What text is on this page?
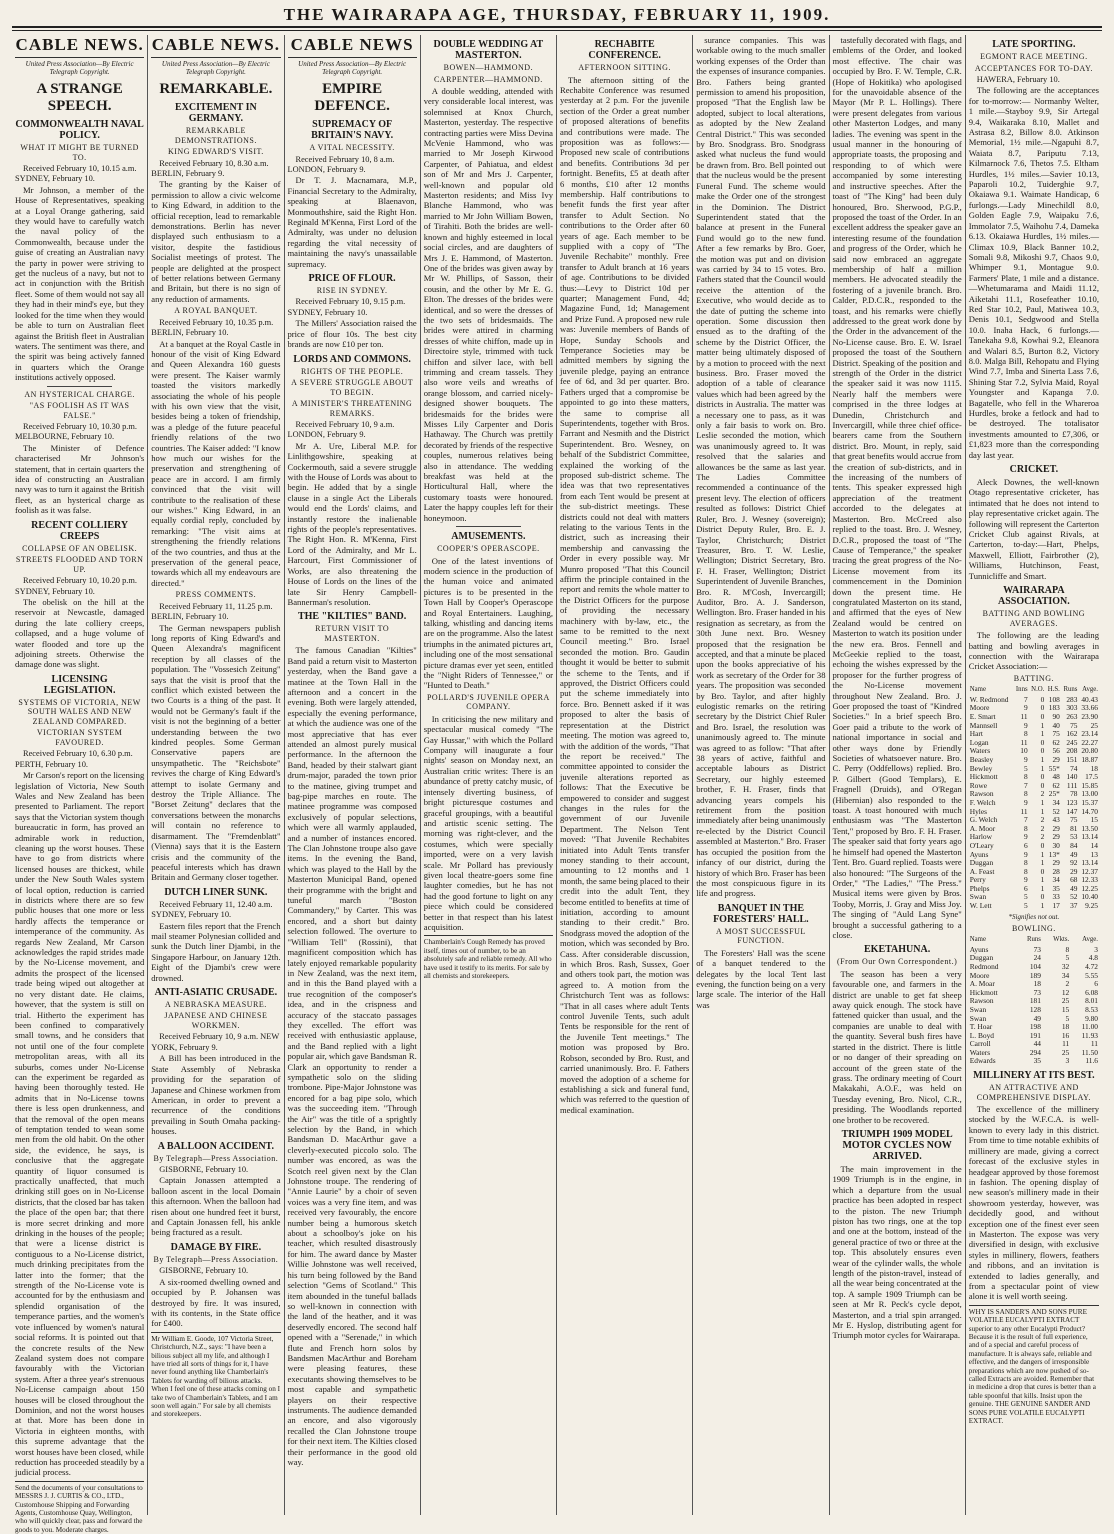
THE WAIRARAPA AGE, THURSDAY, FEBRUARY 11, 1909.
CABLE NEWS.
United Press Association—By Electric Telegraph Copyright.
A STRANGE SPEECH.
COMMONWEALTH NAVAL POLICY.
WHAT IT MIGHT BE TURNED TO.
Received February 10, 10.15 a.m. SYDNEY, February 10.

Mr Johnson, a member of the House of Representatives, speaking at a Loyal Orange gathering, said they would have to carefully watch the naval policy of the Commonwealth, because under the guise of creating an Australian navy the party in power were striving to get the nucleus of a navy, but not to act in conjunction with the British fleet. Some of them would not say all they had in their mind's eye, but they looked for the time when they would be able to turn on Australian fleet against the British fleet in Australian waters. The sentiment was there, and the spirit was being actively fanned in quarters which the Orange institutions actively opposed.

AN HYSTERICAL CHARGE.
"AS FOOLISH AS IT WAS FALSE."
Received February 10, 10.30 p.m. MELBOURNE, February 10.

The Minister of Defence characterised Mr Johnson's statement, that in certain quarters the idea of constructing an Australian navy was to turn it against the British fleet, as an hysterical charge as foolish as it was false.

RECENT COLLIERY CREEPS
COLLAPSE OF AN OBELISK.
STREETS FLOODED AND TORN UP.
Received February 10, 10.20 p.m. SYDNEY, February 10.

The obelisk on the hill at the reservoir at Newcastle, damaged during the late colliery creeps, collapsed, and a huge volume of water flooded and tore up the adjoining streets. Otherwise the damage done was slight.

LICENSING LEGISLATION.
SYSTEMS OF VICTORIA, NEW SOUTH WALES AND NEW ZEALAND COMPARED.
VICTORIAN SYSTEM FAVOURED.
Received February 10, 6.30 p.m. PERTH, February 10.

Mr Carson's report on the licensing legislation of Victoria, New South Wales and New Zealand has been presented to Parliament. The report says that the Victorian system though bureaucratic in form, has proved an admirable work in reduction, cleaning up the worst houses. These have to go from districts where licensed houses are thickest, while under the New South Wales system of local option, reduction is carried in districts where there are so few public houses that one more or less hardly affects the temperance or intemperance of the community. As regards New Zealand, Mr Carson acknowledges the rapid strides made by the No-License movement, and admits the prospect of the licensed trade being wiped out altogether at no very distant date. He claims, however, that the system is still on trial. Hitherto the experiment has been confined to comparatively small towns, and he considers that not until one of the four complete metropolitan areas, with all its suburbs, comes under No-License can the experiment be regarded as having been thoroughly tested. He admits that in No-License towns there is less open drunkenness, and that the removal of the open means of temptation tended to wean some men from the old habit. On the other side, the evidence, he says, is conclusive that the aggregate quantity of liquor consumed is practically unaffected, that much drinking still goes on in No-License districts, that the closed bar has taken the place of the open bar; that there is more secret drinking and more drinking in the houses of the people; that were a license district is contiguous to a No-License district, much drinking precipitates from the latter into the former; that the strength of the No-License vote is accounted for by the enthusiasm and splendid organisation of the temperance parties, and the women's vote influenced by women's natural social reforms. It is pointed out that the concrete results of the New Zealand system does not compare favourably with the Victorian system. After a three year's strenuous No-License campaign about 150 houses will be closed throughout the Dominion, and not the worst houses at that. More has been done in Victoria in eighteen months, with this supreme advantage that the worst houses have been closed, while reduction has proceeded steadily by a judicial process.

Send the documents of your consultations to MESSRS J. J. CURTIS & CO., LTD., Customhouse Shipping and Forwarding Agents, Customhouse Quay, Wellington, who will quickly clear, pass and forward the goods to you. Moderate charges.
CABLE NEWS.
United Press Association—By Electric Telegraph Copyright.
REMARKABLE.
EXCITEMENT IN GERMANY.
REMARKABLE DEMONSTRATIONS.
KING EDWARD'S VISIT.
Received February 10, 8.30 a.m. BERLIN, February 9.

The granting by the Kaiser of permission to allow a civic welcome to King Edward, in addition to the official reception, lead to remarkable demonstrations. Berlin has never displayed such enthusiasm to a visitor, despite the fastidious Socialist meetings of protest. The people are delighted at the prospect of better relations between Germany and Britain, but there is no sign of any reduction of armaments.

A ROYAL BANQUET.
Received February 10, 10.35 p.m. BERLIN, February 10.

At a banquet at the Royal Castle in honour of the visit of King Edward and Queen Alexandra 160 guests were present. The Kaiser warmly toasted the visitors markedly associating the whole of his people with his own view that the visit, besides being a token of friendship, was a pledge of the future peaceful friendly relations of the two countries. The Kaiser added: "I know how much our wishes for the preservation and strengthening of peace are in accord. I am firmly convinced that the visit will contribute to the realisation of these our wishes." King Edward, in an equally cordial reply, concluded by remarking: "The visit aims at strengthening the friendly relations of the two countries, and thus at the preservation of the general peace, towards which all my endeavours are directed."

PRESS COMMENTS.
Received February 11, 11.25 p.m. BERLIN, February 10.

The German newspapers publish long reports of King Edward's and Queen Alexandra's magnificent reception by all classes of the population. The "Vossesich Zeitung" says that the visit is proof that the conflict which existed between the two Courts is a thing of the past. It would not be Germany's fault if the visit is not the beginning of a better understanding between the two kindred peoples. Some German Conservative papers are unsympathetic. The "Reichsbote" revives the charge of King Edward's attempt to isolate Germany and destroy the Triple Alliance. The "Borset Zeitung" declares that the conversations between the monarchs will contain no reference to disarmament. The "Fremdenblatt" (Vienna) says that it is the Eastern crisis and the community of the peaceful interests which has drawn Britain and Germany closer together.

DUTCH LINER SUNK.
Received February 11, 12.40 a.m. SYDNEY, February 10.

Eastern files report that the French mail steamer Polynesian collided and sunk the Dutch liner Djambi, in the Singapore Harbour, on January 12th. Eight of the Djambi's crew were drowned.

ANTI-ASIATIC CRUSADE.
A NEBRASKA MEASURE.
JAPANESE AND CHINESE WORKMEN.
Received February 10, 9 a.m. NEW YORK, February 9.

A Bill has been introduced in the State Assembly of Nebraska providing for the separation of Japanese and Chinese workmen from American, in order to prevent a recurrence of the conditions prevailing in South Omaha packing-houses.

A BALLOON ACCIDENT.
By Telegraph—Press Association.
GISBORNE, February 10.

Captain Jonassen attempted a balloon ascent in the local Domain this afternoon. When the balloon had risen about one hundred feet it burst, and Captain Jonassen fell, his ankle being fractured as a result.

DAMAGE BY FIRE.
By Telegraph—Press Association.
GISBORNE, February 10.

A six-roomed dwelling owned and occupied by P. Johansen was destroyed by fire. It was insured, with its contents, in the State office for £400.

Mr William E. Goode, 107 Victoria Street, Christchurch, N.Z., says: "I have been a bilious subject all my life, and although I have tried all sorts of things for it, I have never found anything like Chamberlain's Tablets for warding off bilious attacks. When I feel one of these attacks coming on I take two of Chamberlain's Tablets, and I am soon well again." For sale by all chemists and storekeepers.
CABLE NEWS
United Press Association—By Electric Telegraph Copyright.
EMPIRE DEFENCE.
SUPREMACY OF BRITAIN'S NAVY.
A VITAL NECESSITY.
Received February 10, 8 a.m. LONDON, February 9.

Dr T. J. Macnamara, M.P., Financial Secretary to the Admiralty, speaking at Blaenavon, Monmouthshire, said the Right Hon. Reginald M'Kenna, First Lord of the Admiralty, was under no delusion regarding the vital necessity of maintaining the navy's unassailable supremacy.

PRICE OF FLOUR.
RISE IN SYDNEY.
Received February 10, 9.15 p.m. SYDNEY, February 10.

The Millers' Association raised the price of flour 10s. The best city brands are now £10 per ton.

LORDS AND COMMONS.
RIGHTS OF THE PEOPLE.
A SEVERE STRUGGLE ABOUT TO BEGIN.
A MINISTER'S THREATENING REMARKS.
Received February 10, 9 a.m. LONDON, February 9.

Mr A. Ure, Liberal M.P. for Linlithgowshire, speaking at Cockermouth, said a severe struggle with the House of Lords was about to begin. He added that by a single clause in a single Act the Liberals would end the Lords' claims, and instantly restore the inalienable rights of the people's representatives. The Right Hon. R. M'Kenna, First Lord of the Admiralty, and Mr L. Harcourt, First Commissioner of Works, are also threatening the House of Lords on the lines of the late Sir Henry Campbell-Bannerman's resolution.

THE "KILTIES" BAND.
RETURN VISIT TO MASTERTON.

The famous Canadian "Kilties" Band paid a return visit to Masterton yesterday, when the Band gave a matinee at the Town Hall in the afternoon and a concert in the evening. Both were largely attended, especially the evening performance, at which the audience was one of the most appreciative that has ever attended an almost purely musical performance. In the afternoon the Band, headed by their stalwart giant drum-major, paraded the town prior to the matinee, giving trumpet and bag-pipe marches en route. The matinee programme was composed exclusively of popular selections, which were all warmly applauded, and a number of instances encored. The Clan Johnstone troupe also gave items. In the evening the Band, which was played to the Hall by the Masterton Municipal Band, opened their programme with the bright and tuneful march "Boston Commandery," by Carter. This was encored, and a short but dainty selection followed. The overture to "William Tell" (Rossini), that magnificent composition which has lately enjoyed remarkable popularity in New Zealand, was the next item, and in this the Band played with a true recognition of the composer's idea, and in the crispness and accuracy of the staccato passages they excelled. The effort was received with enthusiastic applause, and the Band replied with a light popular air, which gave Bandsman R. Clark an opportunity to render a sympathetic solo on the sliding trombone. Pipe-Major Johnstone was encored for a bag pipe solo, which was the succeeding item. "Through the Air" was the title of a sprightly selection by the Band, in which Bandsman D. MacArthur gave a cleverly-executed piccolo solo. The number was encored, as was the Scotch reel given next by the Clan Johnstone troupe. The rendering of "Annie Laurie" by a choir of seven voices was a very fine item, and was received very favourably, the encore number being a humorous sketch about a schoolboy's joke on his teacher, which resulted disastrously for him. The award dance by Master Willie Johnstone was well received, his turn being followed by the Band selection "Gems of Scotland." This item abounded in the tuneful ballads so well-known in connection with the land of the heather, and it was deservedly encored. The second half opened with a "Serenade," in which flute and French horn solos by Bandsmen MacArthur and Boreham were pleasing features, these executants showing themselves to be most capable and sympathetic players on their respective instruments. The audience demanded an encore, and also vigorously recalled the Clan Johnstone troupe for their next item. The Kilties closed their performance in the good old way.

DOUBLE WEDDING AT MASTERTON.
BOWEN—HAMMOND.
CARPENTER—HAMMOND.

A double wedding, attended with very considerable local interest, was solemnised at Knox Church, Masterton, yesterday. The respective contracting parties were Miss Devina McVenie Hammond, who was married to Mr Joseph Kirwood Carpenter, of Pahiatua, and eldest son of Mr and Mrs J. Carpenter, well-known and popular old Masterton residents; and Miss Ivy Blanche Hammond, who was married to Mr John William Bowen, of Tirahiti. Both the brides are well-known and highly esteemed in local social circles, and are daughters of Mrs J. E. Hammond, of Masterton. One of the brides was given away by Mr W. Phillips, of Sasson, their cousin, and the other by Mr E. G. Elton. The dresses of the brides were identical, and so were the dresses of the two sets of bridesmaids. The brides were attired in charming dresses of white chiffon, made up in Directoire style, trimmed with tuck chiffon and silver lace, with bell trimming and cream tassels. They also wore veils and wreaths of orange blossom, and carried nicely-designed shower bouquets. The bridesmaids for the brides were Misses Lily Carpenter and Doris Hathaway. The Church was prettily decorated by friends of the respective couples, numerous relatives being also in attendance. The wedding breakfast was held at the Horticultural Hall, where the customary toasts were honoured. Later the happy couples left for their honeymoon.

AMUSEMENTS.
COOPER'S OPERASCOPE.

One of the latest inventions of modern science in the production of the human voice and animated pictures is to be presented in the Town Hall by Cooper's Operascope and Royal Entertainers. Laughing, talking, whistling and dancing items are on the programme. Also the latest triumphs in the animated pictures art, including one of the most sensational picture dramas ever yet seen, entitled the "Night Riders of Tennessee," or "Hunted to Death."

POLLARD'S JUVENILE OPERA COMPANY.

In criticising the new military and spectacular musical comedy "The Gay Hussar," with which the Pollard Company will inaugurate a four nights' season on Monday next, an Australian critic writes: There is an abundance of pretty catchy music, of intensely diverting business, of bright picturesque costumes and graceful groupings, with a beautiful and artistic scenic setting. The morning was right-clever, and the costumes, which were specially imported, were on a very lavish scale. Mr Pollard has previously given local theatre-goers some fine laughter comedies, but he has not had the good fortune to light on any piece which could be considered better in that respect than his latest acquisition.

Chamberlain's Cough Remedy has proved itself, times out of number, to be an absolutely safe and reliable remedy. All who have used it testify to its merits. For sale by all chemists and storekeepers.
RECHABITE CONFERENCE.
AFTERNOON SITTING.

The afternoon sitting of the Rechabite Conference was resumed yesterday at 2 p.m. For the juvenile section of the Order a great number of proposed alterations of benefits and contributions were made. The proposition was as follows:—Proposed new scale of contributions and benefits. Contributions 3d per fortnight. Benefits, £5 at death after 6 months, £10 after 12 months membership. Half contributions to benefit funds the first year after transfer to Adult Section. No contributions to the Order after 60 years of age. Each member to be supplied with a copy of "The Juvenile Rechabite" monthly. Free transfer to Adult branch at 16 years of age. Contributions to be divided thus:—Levy to District 10d per quarter; Management Fund, 4d; Magazine Fund, 1d; Management and Prize Fund. A proposed new rule was: Juvenile members of Bands of Hope, Sunday Schools and Temperance Societies may be admitted members by signing the juvenile pledge, paying an entrance fee of 6d, and 3d per quarter. Bro. Fathers urged that a compromise be appointed to go into these matters, the same to comprise all Superintendents, together with Bros. Farrant and Nesmith and the District Superintendent. Bro. Wesney, on behalf of the Subdistrict Committee, explained the working of the proposed sub-district scheme. The idea was that two representatives from each Tent would be present at the sub-district meetings. These districts could not deal with matters relating to the various Tents in the district, such as increasing their membership and canvassing the Order in every possible way. Mr Munro proposed "That this Council affirm the principle contained in the report and remits the whole matter to the District Officers for the purpose of providing the necessary machinery with by-law, etc., the same to be remitted to the next Council meeting." Bro. Israel seconded the motion. Bro. Gaudin thought it would be better to submit the scheme to the Tents, and if approved, the District Officers could put the scheme immediately into force. Bro. Bennett asked if it was proposed to alter the basis of representation at the District meeting. The motion was agreed to, with the addition of the words, "That the report be received." The committee appointed to consider the juvenile alterations reported as follows: That the Executive be empowered to consider and suggest changes in the rules for the government of our Juvenile Department. The Nelson Tent moved: "That Juvenile Rechabites initiated into Adult Tents transfer money standing to their account, amounting to 12 months and 1 month, the same being placed to their credit into the adult Tent, they become entitled to benefits at time of initiation, according to amount standing to their credit." Bro. Snodgrass moved the adoption of the motion, which was seconded by Bro. Cass. After considerable discussion, in which Bros. Rash, Sussex, Goer and others took part, the motion was agreed to. A motion from the Christchurch Tent was as follows: "That in all cases where adult Tents control Juvenile Tents, such adult Tents be responsible for the rent of the Juvenile Tent meetings." The motion was proposed by Bro. Robson, seconded by Bro. Rust, and carried unanimously. Bro. F. Fathers moved the adoption of a scheme for establishing a sick and funeral fund, which was referred to the question of medical examination.

surance companies. This was workable owing to the much smaller working expenses of the Order than the expenses of insurance companies. Bro. Fathers being granted permission to amend his proposition, proposed "That the English law be adopted, subject to local alterations, as adopted by the New Zealand Central District." This was seconded by Bro. Snodgrass. Bro. Snodgrass asked what nucleus the fund would be drawn from. Bro. Bell pointed out that the nucleus would be the present Funeral Fund. The scheme would make the Order one of the strongest in the Dominion. The District Superintendent stated that the balance at present in the Funeral Fund would go to the new fund. After a few remarks by Bro. Goer, the motion was put and on division was carried by 34 to 15 votes. Bro. Fathers stated that the Council would receive the attention of the Executive, who would decide as to the date of putting the scheme into operation. Some discussion then ensued as to the drafting of the scheme by the District Officer, the matter being ultimately disposed of by a motion to proceed with the next business. Bro. Fraser moved the adoption of a table of clearance values which had been agreed by the districts in Australia. The matter was a necessary one to pass, as it was only a fair basis to work on. Bro. Leslie seconded the motion, which was unanimously agreed to. It was resolved that the salaries and allowances be the same as last year. The Ladies Committee recommended a continuance of the present levy. The election of officers resulted as follows: District Chief Ruler, Bro. J. Wesney (sovereign); District Deputy Ruler, Bro. E. J. Taylor, Christchurch; District Treasurer, Bro. T. W. Leslie, Wellington; District Secretary, Bro. F. H. Fraser, Wellington; District Superintendent of Juvenile Branches, Bro. R. M'Cosh, Invercargill; Auditor, Bro. A. J. Sanderson, Wellington. Bro. Fraser handed in his resignation as secretary, as from the 30th June next. Bro. Wesney proposed that the resignation be accepted, and that a minute be placed upon the books appreciative of his work as secretary of the Order for 38 years. The proposition was seconded by Bro. Taylor, and after highly eulogistic remarks on the retiring secretary by the District Chief Ruler and Bro. Israel, the resolution was unanimously agreed to. The minute was agreed to as follow: "That after 38 years of active, faithful and acceptable labours as District Secretary, our highly esteemed brother, F. H. Fraser, finds that advancing years compels his retirement from the position immediately after being unanimously re-elected by the District Council assembled at Masterton." Bro. Fraser has occupied the position from the infancy of our district, during the history of which Bro. Fraser has been the most conspicuous figure in its life and progress.

BANQUET IN THE FORESTERS' HALL.
A MOST SUCCESSFUL FUNCTION.

The Foresters' Hall was the scene of a banquet tendered to the delegates by the local Tent last evening, the function being on a very large scale. The interior of the Hall was

tastefully decorated with flags, and emblems of the Order, and looked most effective. The chair was occupied by Bro. F. W. Temple, C.R. (Hope of Hokitika) who apologised for the unavoidable absence of the Mayor (Mr P. L. Hollings). There were present delegates from various other Masterton Lodges, and many ladies. The evening was spent in the usual manner in the honouring of appropriate toasts, the proposing and responding to of which were accompanied by some interesting and instructive speeches. After the toast of "The King" had been duly honoured, Bro. Sherwood, P.G.P., proposed the toast of the Order. In an excellent address the speaker gave an interesting resume of the foundation and progress of the Order, which he said now embraced an aggregate membership of half a million members. He advocated steadily the fostering of a juvenile branch. Bro. Calder, P.D.C.R., responded to the toast, and his remarks were chiefly addressed to the great work done by the Order in the advancement of the No-License cause. Bro. E. W. Israel proposed the toast of the Southern District. Speaking of the position and strength of the Order in the district the speaker said it was now 1115. Nearly half the members were comprised in the three lodges at Dunedin, Christchurch and Invercargill, while three chief office-bearers came from the Southern district. Bro. Mount, in reply, said that great benefits would accrue from the creation of sub-districts, and in the increasing of the numbers of tents. This speaker expressed high appreciation of the treatment accorded to the delegates at Masterton. Bro. McCreed also replied to the toast. Bro. J. Wesney, D.C.R., proposed the toast of "The Cause of Temperance," the speaker tracing the great progress of the No-License movement from its commencement in the Dominion down the present time. He congratulated Masterton on its stand, and affirmed that the eyes of New Zealand would be centred on Masterton to watch its position under the new era. Bros. Fennell and McGeekie replied to the toast, echoing the wishes expressed by the proposer for the further progress of the No-License movement throughout New Zealand. Bro. J. Goer proposed the toast of "Kindred Societies." In a brief speech Bro. Goer paid a tribute to the work of national importance in social and other ways done by Friendly Societies of whatsoever nature. Bro. C. Perry (Oddfellows) replied. Bro. P. Gilbert (Good Templars), E. Fragnell (Druids), and O'Regan (Hibernian) also responded to the toast. A toast honoured with much enthusiasm was "The Masterton Tent," proposed by Bro. F. H. Fraser. The speaker said that forty years ago he himself had opened the Masterton Tent. Bro. Guard replied. Toasts were also honoured: "The Surgeons of the Order," "The Ladies," "The Press." Musical items were given by Bros. Tooby, Morris, J. Gray and Miss Joy. The singing of "Auld Lang Syne" brought a successful gathering to a close.

EKETAHUNA.
(From Our Own Correspondent.)

The season has been a very favourable one, and farmers in the district are unable to get fat sheep away quick enough. The stock have fattened quicker than usual, and the companies are unable to deal with the quantity. Several bush fires have started in the district. There is little or no danger of their spreading on account of the green state of the grass. The ordinary meeting of Court Makakahi, A.O.F., was held on Tuesday evening, Bro. Nicol, C.R., presiding. The Woodlands reported one brother to be recovered.

TRIUMPH 1909 MODEL MOTOR CYCLES NOW ARRIVED.

The main improvement in the 1909 Triumph is in the engine, in which a departure from the usual practice has been adopted in respect to the piston. The new Triumph piston has two rings, one at the top and one at the bottom, instead of the general practice of two or three at the top. This absolutely ensures even wear of the cylinder walls, the whole length of the piston-travel, instead of all the wear being concentrated at the top. A sample 1909 Triumph can be seen at Mr R. Peck's cycle depot, Masterton, and a trial spin arranged. Mr E. Hyslop, distributing agent for Triumph motor cycles for Wairarapa.

LATE SPORTING.
EGMONT RACE MEETING.
ACCEPTANCES FOR TO-DAY.
HAWERA, February 10.

The following are the acceptances for to-morrow:— Normanby Welter, 1 mile.—Stayboy 9.9, Sir Artegal 9.4, Waikaraka 8.10, Mallet and Astrasa 8.2, Billow 8.0. Atkinson Memorial, 1½ mile.—Ngapuhi 8.7, Waiata 8.7, Pariputu 7.13, Kilmarnock 7.6, Thetos 7.5. Eltham Hurdles, 1½ miles.—Savier 10.13, Paparoli 10.2, Tuiderghie 9.7, Okaiawa 9.1. Waimate Handicap, 6 furlongs.—Lady Minechildl 8.0, Golden Eagle 7.9, Waipaku 7.6, Immolator 7.5, Waihohu 7.4, Dameka 6.13. Okaiawa Hurdles, 1½ miles.—Climax 10.9, Black Banner 10.2, Somali 9.8, Mikoshi 9.7, Chaos 9.0, Whimper 9.1, Montague 9.0. Farmers' Plate, 1 mile and a distance.—Whetumarama and Maidi 11.12, Aiketahi 11.1, Rosefeather 10.10, Red Star 10.2, Paul, Matiwea 10.3, Denis 10.1, Sedgwood and Stella 10.0. Inaha Hack, 6 furlongs.—Tanekaha 9.8, Kowhai 9.2, Eleanora and Walari 8.5, Burton 8.2, Victory 8.0. Malga Bill, Rehopatu and Flying Wind 7.7, Imba and Sinerta Lass 7.6, Shining Star 7.2, Sylvia Maid, Royal Youngster and Kapanga 7.0. Bagatelle, who fell in the Whareroa Hurdles, broke a fetlock and had to be destroyed. The totalisator investments amounted to £7,306, or £1,823 more than the corresponding day last year.

CRICKET.

Aleck Downes, the well-known Otago representative cricketer, has intimated that he does not intend to play representative cricket again. The following will represent the Carterton Cricket Club against Rivals, at Carterton, to-day:—Hart, Phelps, Maxwell, Elliott, Fairbrother (2), Williams, Hutchinson, Feast, Tunnicliffe and Smart.

WAIRARAPA ASSOCIATION.
BATTING AND BOWLING AVERAGES.

The following are the leading batting and bowling averages in connection with the Wairarapa Cricket Association:—

BATTING.
Name	Inns	N.O.	H.S.	Runs	Avge.
W. Redmond	7	0	108	283	40.43
Moore	9	0	183	303	33.66
E. Smart	11	0	90	263	23.90
Mannsell	9	1	40	75	25
Hart	8	1	75	162	23.14
Logan	11	0	62	245	22.27
Waters	10	0	56	208	20.80
Beasley	9	1	29	151	18.87
Bewley	5	1	55*	74	18
Hickmott	8	0	48	140	17.5
Rowe	7	0	62	111	15.85
Rawson	8	2	25*	78	13.00
F. Welch	9	1	34	123	15.37
Hyles	11	1	52	147	14.70
G. Welch	7	2	43	75	15
A. Moor	8	2	29	81	13.50
Harlow	9	2	29	53	13.14
O'Leary	6	0	30	84	14
Ayuns	9	1	13*	49	13
Duggan	8	1	29	92	13.14
A. Feast	8	0	28	29	12.37
Perry	9	1	34	68	12.33
Phelps	6	1	35	49	12.25
Swan	5	0	33	52	10.40
W. Lett	5	1	17	37	9.25
*Signifies not out.
BOWLING.
Name	Runs	Wkts.	Avge.
Ayuns	73	8	3
Duggan	24	5	4.8
Redmond	104	32	4.72
Moore	189	34	5.55
A. Moar	18	2	6
Hickmott	73	12	6.08
Rawson	181	25	8.01
Swan	128	15	8.53
Swan	49	5	9.80
T. Hoar	198	18	11.00
L. Boyd	191	16	11.93
Carroll	44	11	11
Waters	294	25	11.50
Edwards	35	3	11.6
MILLINERY AT ITS BEST.
AN ATTRACTIVE AND COMPREHENSIVE DISPLAY.

The excellence of the millinery stocked by the W.F.C.A. is well-known to every lady in this district. From time to time notable exhibits of millinery are made, giving a correct forecast of the exclusive styles in headgear approved by those foremost in fashion. The opening display of new season's millinery made in their showroom yesterday, however, was decidedly good, and without exception one of the finest ever seen in Masterton. The expose was very diversified in design, with exclusive styles in millinery, flowers, feathers and ribbons, and an invitation is extended to ladies generally, and from a spectacular point of view alone it is well worth seeing.

WHY IS SANDER'S AND SONS PURE VOLATILE EUCALYPTI EXTRACT superior to any other Eucalypti Product? Because it is the result of full experience, and of a special and careful process of manufacture. It is always safe, reliable and effective, and the dangers of irresponsible preparations which are now pushed of so-called Extracts are avoided. Remember that in medicine a drop that cures is better than a table spoonful that kills. Insist upon the genuine. THE GENUINE SANDER AND SONS PURE VOLATILE EUCALYPTI EXTRACT.
